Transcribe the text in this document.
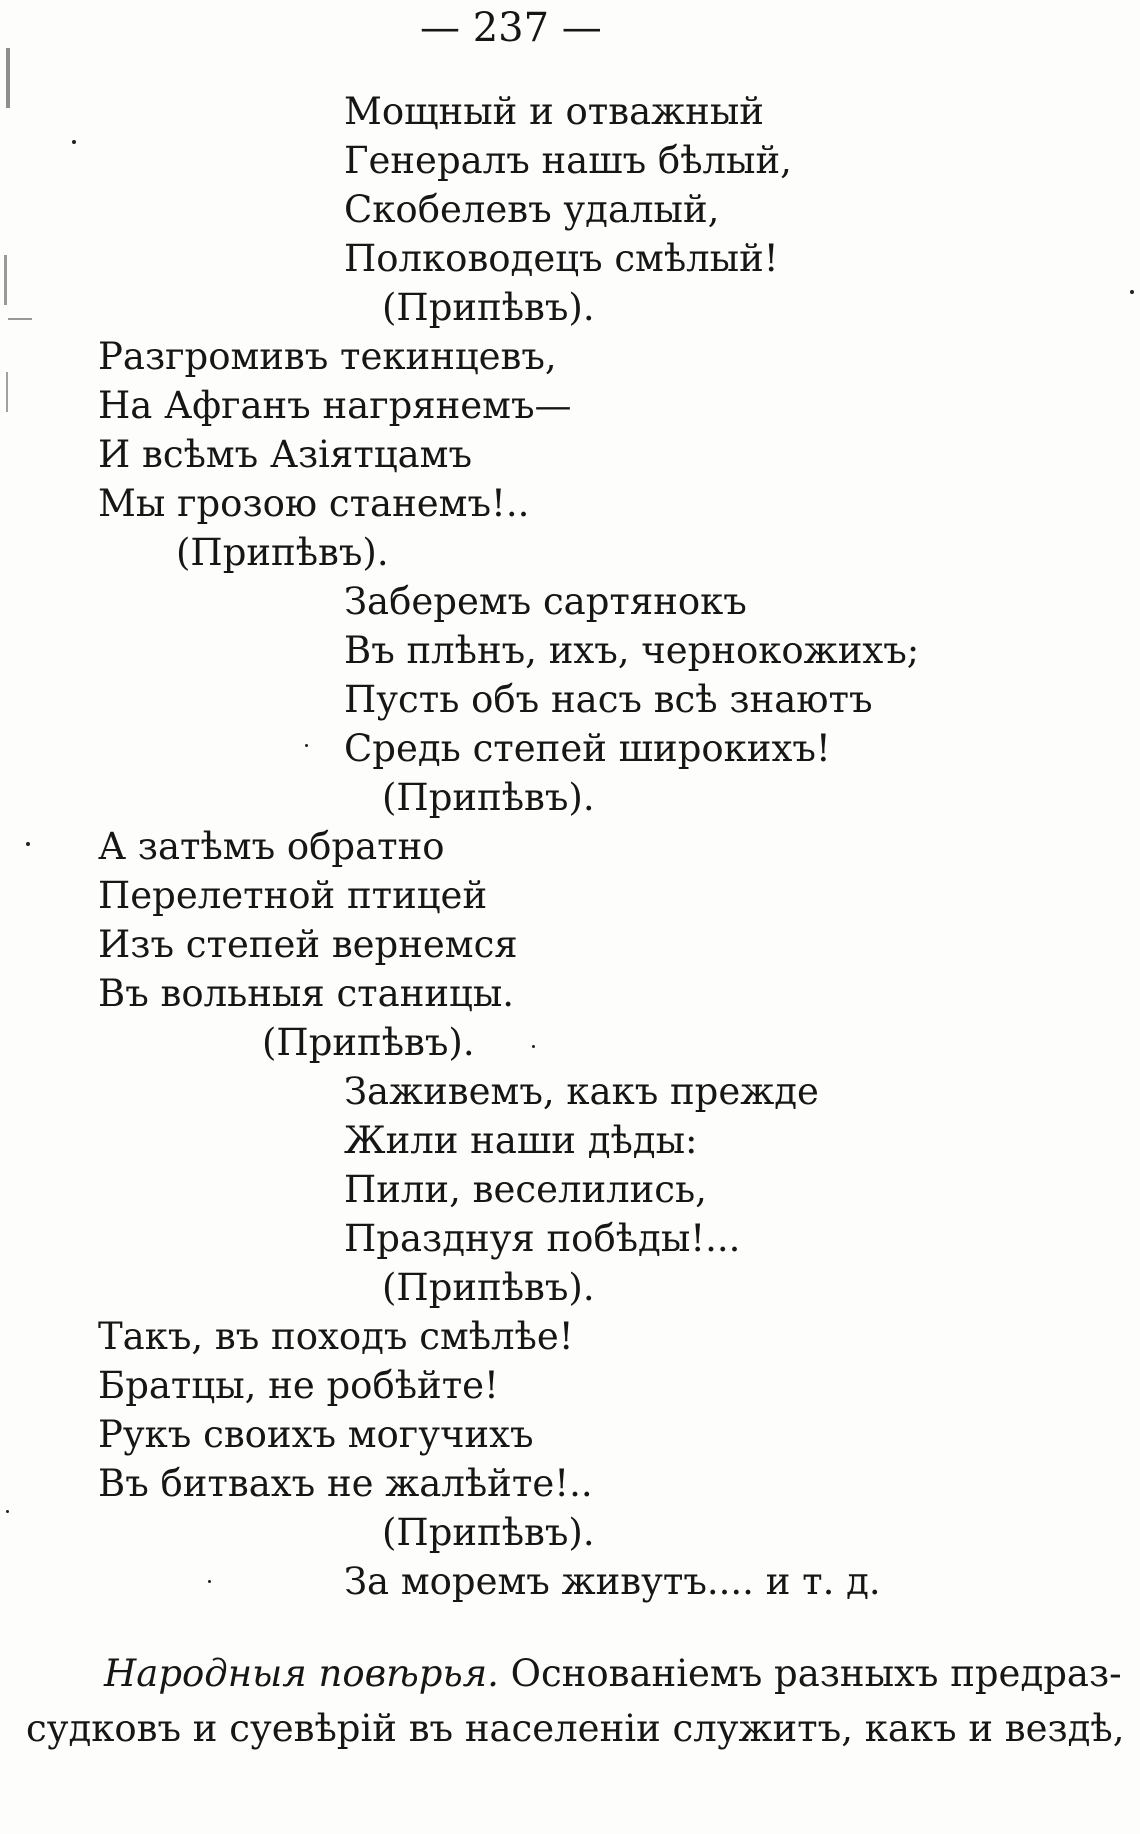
— 237 —
Мощный и отважный
Генералъ нашъ бѣлый,
Скобелевъ удалый,
Полководецъ смѣлый!
(Припѣвъ).
Разгромивъ текинцевъ,
На Афганъ нагрянемъ—
И всѣмъ Азіятцамъ
Мы грозою станемъ!..
(Припѣвъ).
Заберемъ сартянокъ
Въ плѣнъ, ихъ, чернокожихъ;
Пусть объ насъ всѣ знаютъ
Средь степей широкихъ!
(Припѣвъ).
А затѣмъ обратно
Перелетной птицей
Изъ степей вернемся
Въ вольныя станицы.
(Припѣвъ).
Заживемъ, какъ прежде
Жили наши дѣды:
Пили, веселились,
Празднуя побѣды!...
(Припѣвъ).
Такъ, въ походъ смѣлѣе!
Братцы, не робѣйте!
Рукъ своихъ могучихъ
Въ битвахъ не жалѣйте!..
(Припѣвъ).
За моремъ живутъ.... и т. д.
Народныя повѣрья. Основаніемъ разныхъ предраз-
судковъ и суевѣрій въ населеніи служитъ, какъ и вездѣ,
